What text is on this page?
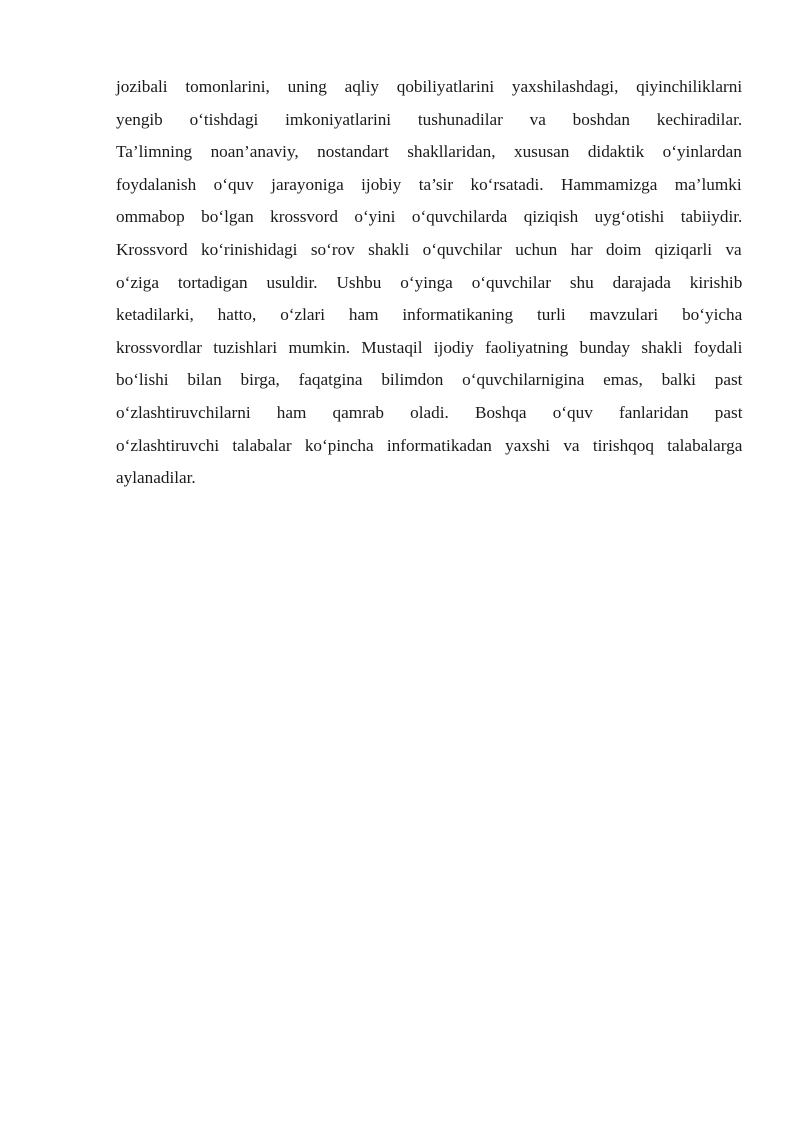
jozibali tomonlarini, uning aqliy qobiliyatlarini yaxshilashdagi, qiyinchiliklarni
yengib o‘tishdagi imkoniyatlarini tushunadilar va boshdan kechiradilar.
Ta’limning noan’anaviy, nostandart shakllaridan, xususan didaktik o‘yinlardan
foydalanish o‘quv jarayoniga ijobiy ta’sir ko‘rsatadi. Hammamizga ma’lumki
ommabop bo‘lgan krossvord o‘yini o‘quvchilarda qiziqish uyg‘otishi tabiiydir.
Krossvord ko‘rinishidagi so‘rov shakli o‘quvchilar uchun har doim qiziqarli va
o‘ziga tortadigan usuldir. Ushbu o‘yinga o‘quvchilar shu darajada kirishib
ketadilarki, hatto, o‘zlari ham informatikaning turli mavzulari bo‘yicha
krossvordlar tuzishlari mumkin. Mustaqil ijodiy faoliyatning bunday shakli foydali
bo‘lishi bilan birga, faqatgina bilimdon o‘quvchilarnigina emas, balki past
o‘zlashtiruvchilarni ham qamrab oladi. Boshqa o‘quv fanlaridan past
o‘zlashtiruvchi talabalar ko‘pincha informatikadan yaxshi va tirishqoq talabalarga
aylanadilar.
